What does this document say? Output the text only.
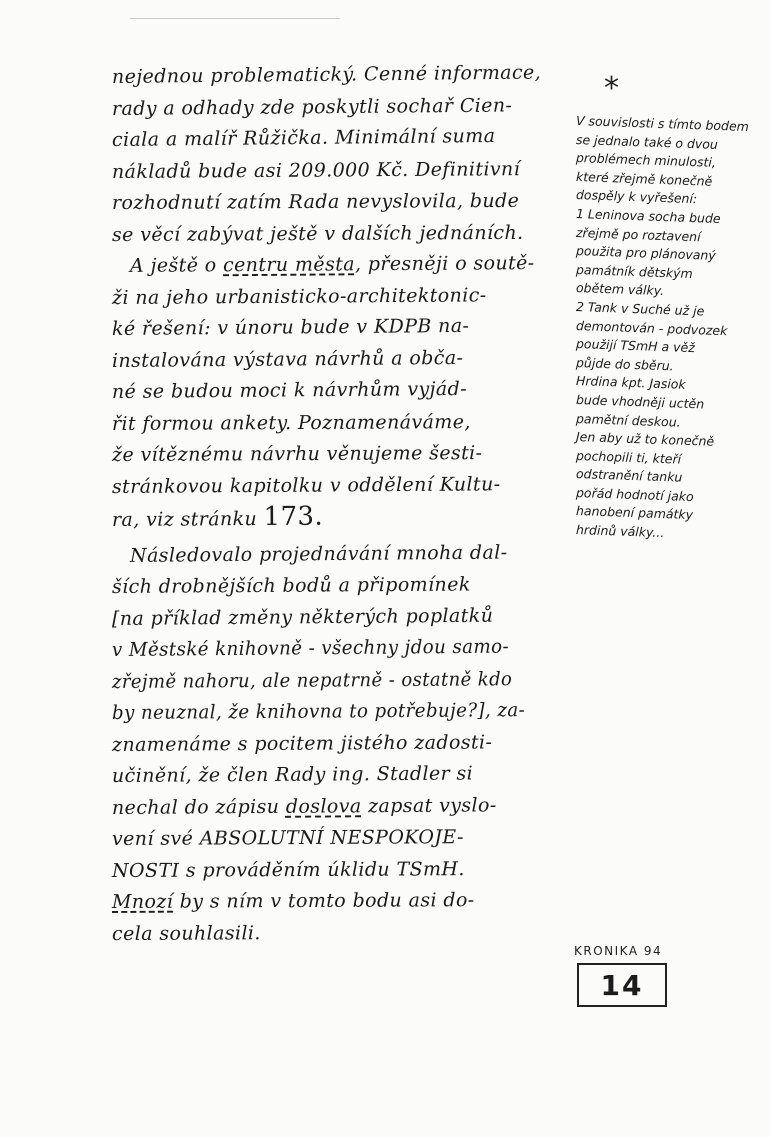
nejednou problematický. Cenné informace,
rady a odhady zde poskytli sochař Cien-
ciala a malíř Růžička. Minimální suma
nákladů bude asi 209.000 Kč. Definitivní
rozhodnutí zatím Rada nevyslovila, bude
se věcí zabývat ještě v dalších jednáních.
A ještě o centru města, přesněji o soutě-
ži na jeho urbanisticko-architektonic-
ké řešení: v únoru bude v KDPB na-
instalována výstava návrhů a obča-
né se budou moci k návrhům vyjád-
řit formou ankety. Poznamenáváme,
že vítěznému návrhu věnujeme šesti-
stránkovou kapitolku v oddělení Kultu-
ra, viz stránku 173.
Následovalo projednávání mnoha dal-
ších drobnějších bodů a připomínek
[na příklad změny některých poplatků
v Městské knihovně - všechny jdou samo-
zřejmě nahoru, ale nepatrně - ostatně kdo
by neuznal, že knihovna to potřebuje?], za-
znamenáme s pocitem jistého zadosti-
učinění, že člen Rady ing. Stadler si
nechal do zápisu doslova zapsat vyslo-
vení své ABSOLUTNÍ NESPOKOJE-
NOSTI s prováděním úklidu TSmH.
Mnozí by s ním v tomto bodu asi do-
cela souhlasili.
*
V souvislosti s tímto bodem
se jednalo také o dvou
problémech minulosti,
které zřejmě konečně
dospěly k vyřešení:
1 Leninova socha bude
zřejmě po roztavení
použita pro plánovaný
památník dětským
obětem války.
2 Tank v Suché už je
demontován - podvozek
použijí TSmH a věž
půjde do sběru.
Hrdina kpt. Jasiok
bude vhodněji uctěn
pamětní deskou.
Jen aby už to konečně
pochopili ti, kteří
odstranění tanku
pořád hodnotí jako
hanobení památky
hrdinů války...
KRONIKA 94
14
